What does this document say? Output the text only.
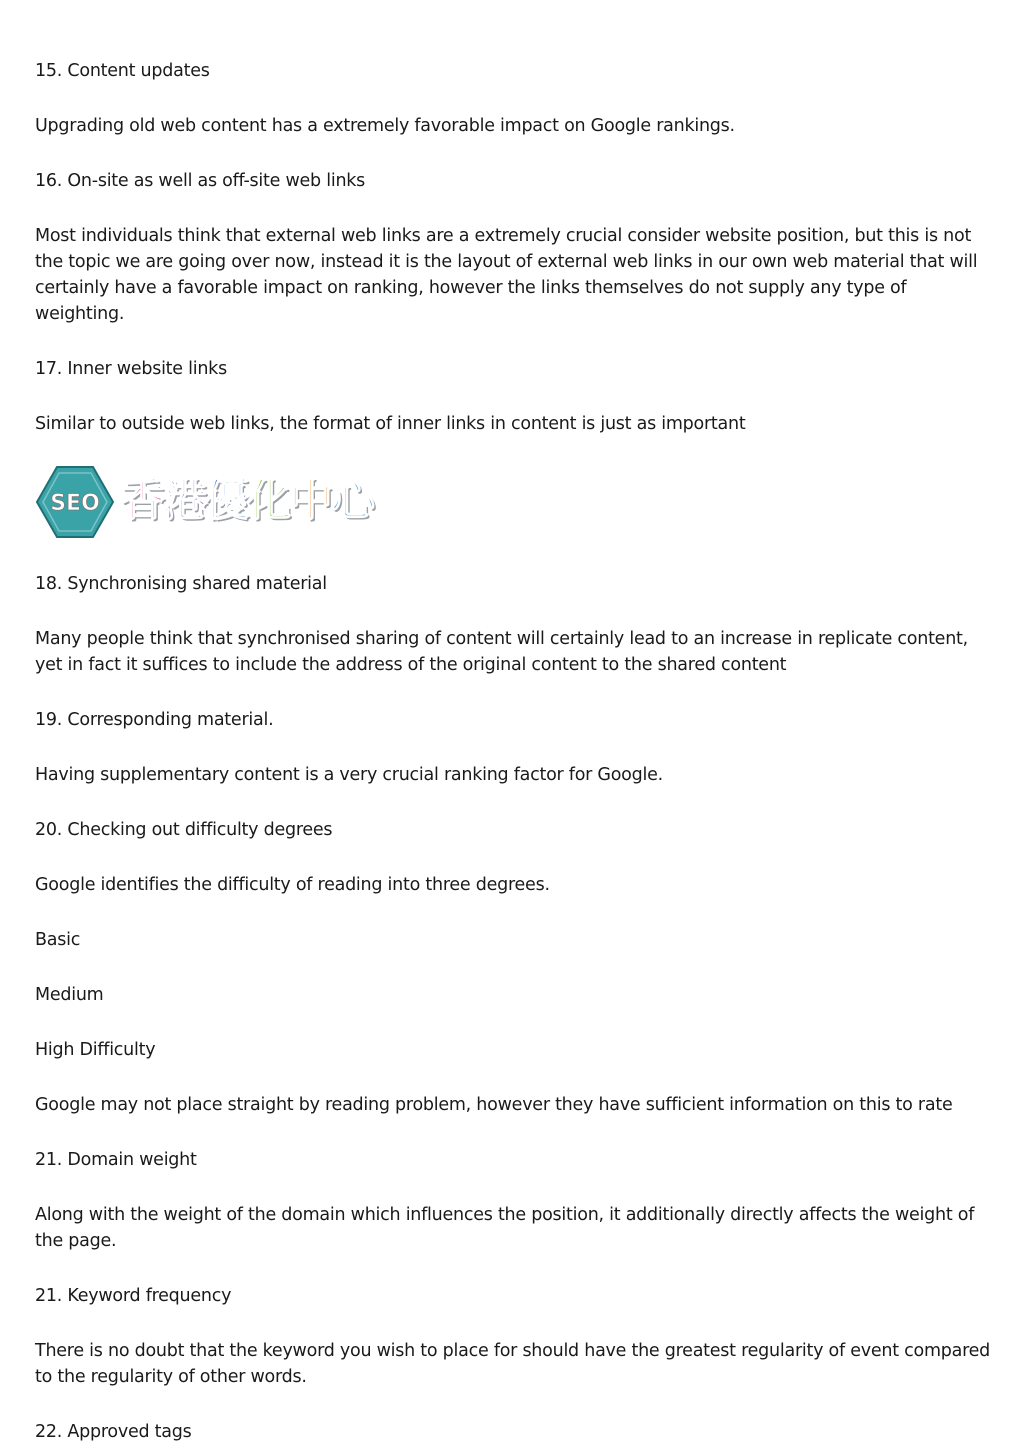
15. Content updates

Upgrading old web content has a extremely favorable impact on Google rankings.

16. On-site as well as off-site web links

Most individuals think that external web links are a extremely crucial consider website position, but this is not the topic we are going over now, instead it is the layout of external web links in our own web material that will certainly have a favorable impact on ranking, however the links themselves do not supply any type of weighting.

17. Inner website links

Similar to outside web links, the format of inner links in content is just as important

SEO 香 港 優 化 中 心

18. Synchronising shared material

Many people think that synchronised sharing of content will certainly lead to an increase in replicate content, yet in fact it suffices to include the address of the original content to the shared content

19. Corresponding material.

Having supplementary content is a very crucial ranking factor for Google.

20. Checking out difficulty degrees

Google identifies the difficulty of reading into three degrees.

Basic

Medium

High Difficulty

Google may not place straight by reading problem, however they have sufficient information on this to rate

21. Domain weight

Along with the weight of the domain which influences the position, it additionally directly affects the weight of the page.

21. Keyword frequency

There is no doubt that the keyword you wish to place for should have the greatest regularity of event compared to the regularity of other words.

22. Approved tags
